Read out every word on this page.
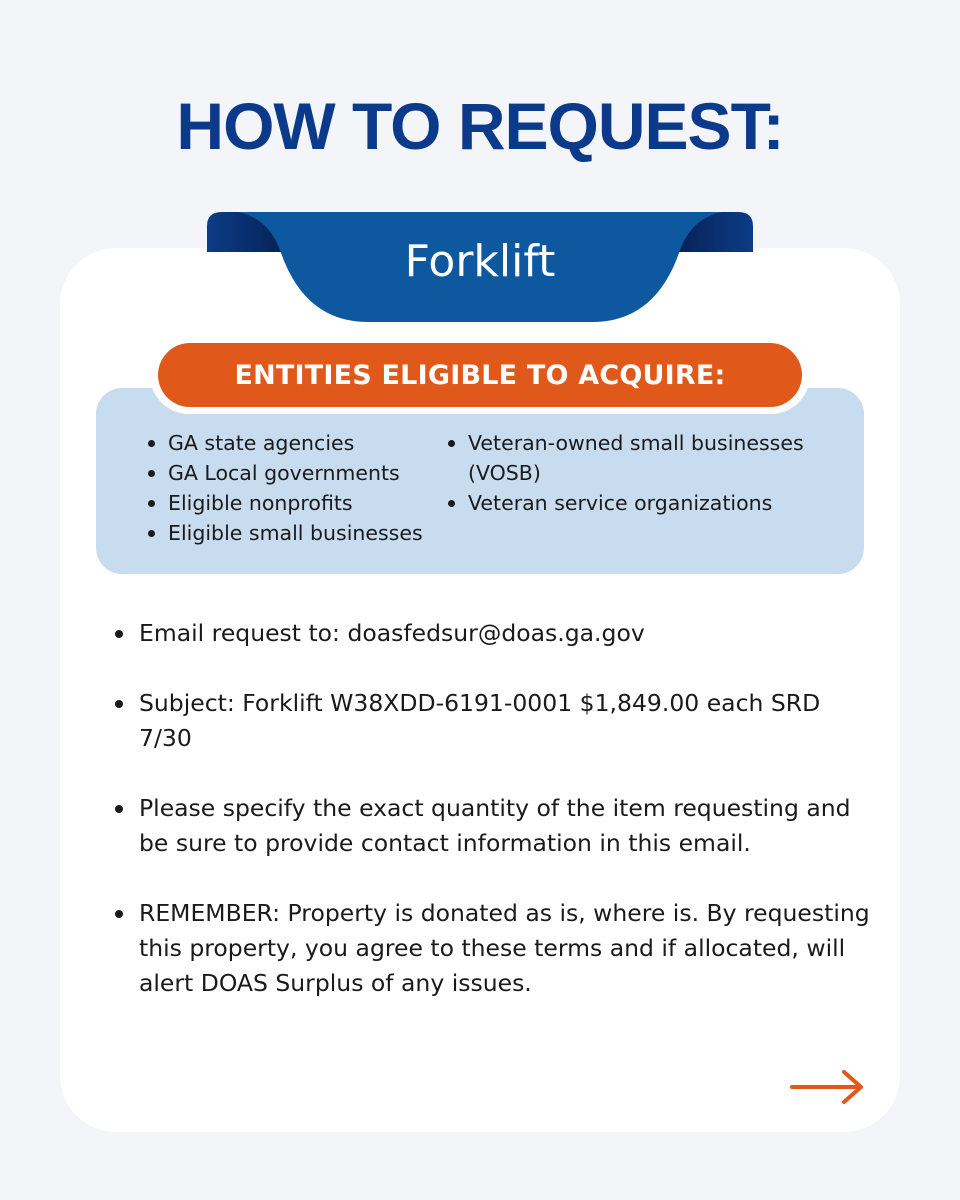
HOW TO REQUEST:
Forklift
ENTITIES ELIGIBLE TO ACQUIRE:
GA state agencies
GA Local governments
Eligible nonprofits
Eligible small businesses
Veteran-owned small businesses (VOSB)
Veteran service organizations
Email request to: doasfedsur@doas.ga.gov
Subject: Forklift W38XDD-6191-0001 $1,849.00 each SRD 7/30
Please specify the exact quantity of the item requesting and be sure to provide contact information in this email.
REMEMBER: Property is donated as is, where is. By requesting this property, you agree to these terms and if allocated, will alert DOAS Surplus of any issues.
